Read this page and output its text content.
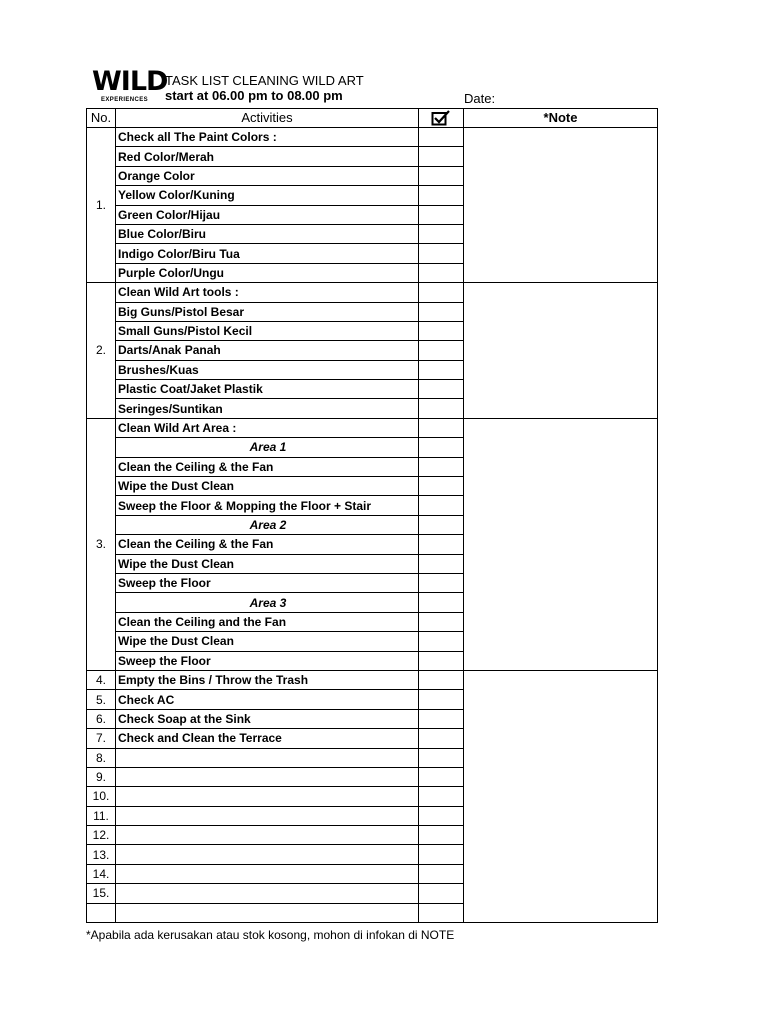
WILD
EXPERIENCES
TASK LIST CLEANING WILD ART
start at 06.00 pm to 08.00 pm	Date:
No.	Activities		*Note
1.	Check all The Paint Colors :		
	Red Color/Merah		
	Orange Color		
	Yellow Color/Kuning		
	Green Color/Hijau		
	Blue Color/Biru		
	Indigo Color/Biru Tua		
	Purple Color/Ungu		
2.	Clean Wild Art tools :		
	Big Guns/Pistol Besar		
	Small Guns/Pistol Kecil		
	Darts/Anak Panah		
	Brushes/Kuas		
	Plastic Coat/Jaket Plastik		
	Seringes/Suntikan		
3.	Clean Wild Art Area :		
	Area 1		
	Clean the Ceiling & the Fan		
	Wipe the Dust Clean		
	Sweep the Floor & Mopping the Floor + Stair		
	Area 2		
	Clean the Ceiling & the Fan		
	Wipe the Dust Clean		
	Sweep the Floor		
	Area 3		
	Clean the Ceiling and the Fan		
	Wipe the Dust Clean		
	Sweep the Floor		
4.	Empty the Bins / Throw the Trash		
5.	Check AC		
6.	Check Soap at the Sink		
7.	Check and Clean the Terrace		
8.			
9.			
10.			
11.			
12.			
13.			
14.			
15.			

*Apabila ada kerusakan atau stok kosong, mohon di infokan di NOTE
